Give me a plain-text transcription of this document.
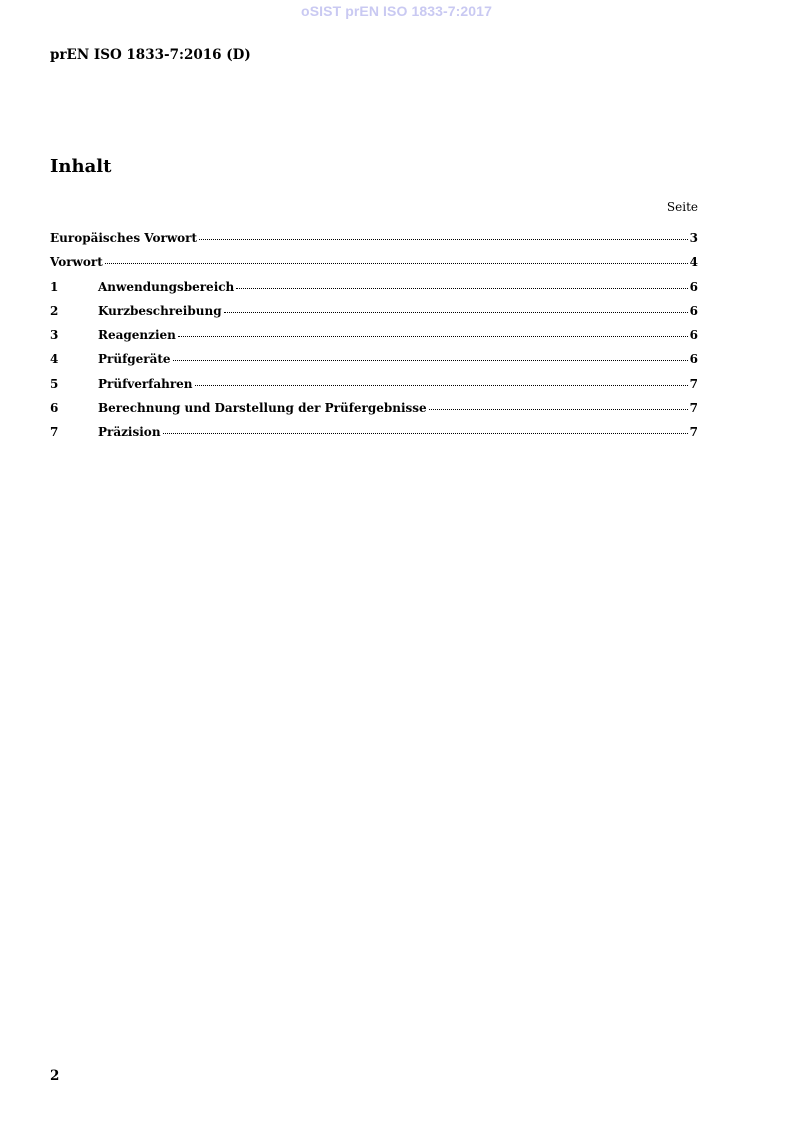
oSIST prEN ISO 1833-7:2017
prEN ISO 1833-7:2016 (D)
Inhalt
Seite
Europäisches Vorwort	3
Vorwort	4
1	Anwendungsbereich	6
2	Kurzbeschreibung	6
3	Reagenzien	6
4	Prüfgeräte	6
5	Prüfverfahren	7
6	Berechnung und Darstellung der Prüfergebnisse	7
7	Präzision	7
2
